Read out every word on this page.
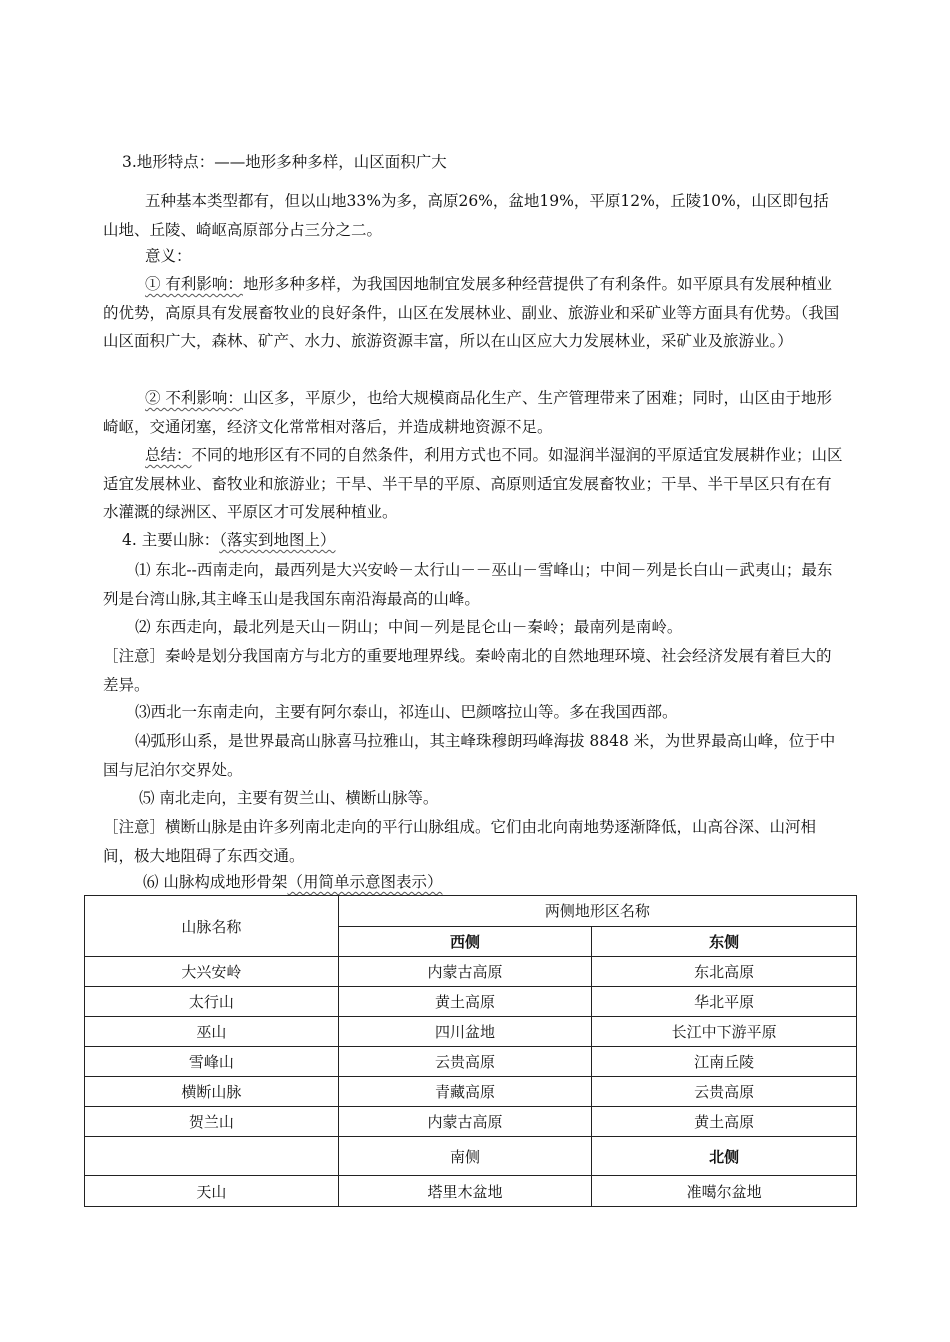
3.地形特点：——地形多种多样，山区面积广大

五种基本类型都有，但以山地33%为多，高原26%，盆地19%，平原12%，丘陵10%，山区即包括山地、丘陵、崎岖高原部分占三分之二。

意义：

① 有利影响：地形多种多样，为我国因地制宜发展多种经营提供了有利条件。如平原具有发展种植业的优势，高原具有发展畜牧业的良好条件，山区在发展林业、副业、旅游业和采矿业等方面具有优势。（我国山区面积广大，森林、矿产、水力、旅游资源丰富，所以在山区应大力发展林业，采矿业及旅游业。）

② 不利影响：山区多，平原少，也给大规模商品化生产、生产管理带来了困难；同时，山区由于地形崎岖，交通闭塞，经济文化常常相对落后，并造成耕地资源不足。

总结：不同的地形区有不同的自然条件，利用方式也不同。如湿润半湿润的平原适宜发展耕作业；山区适宜发展林业、畜牧业和旅游业；干旱、半干旱的平原、高原则适宜发展畜牧业；干旱、半干旱区只有在有水灌溉的绿洲区、平原区才可发展种植业。

4. 主要山脉：（落实到地图上）

⑴ 东北--西南走向，最西列是大兴安岭－太行山－－巫山－雪峰山；中间－列是长白山－武夷山；最东列是台湾山脉,其主峰玉山是我国东南沿海最高的山峰。

⑵ 东西走向，最北列是天山－阴山；中间－列是昆仑山－秦岭；最南列是南岭。

［注意］秦岭是划分我国南方与北方的重要地理界线。秦岭南北的自然地理环境、社会经济发展有着巨大的差异。

⑶西北一东南走向，主要有阿尔泰山，祁连山、巴颜喀拉山等。多在我国西部。

⑷弧形山系，是世界最高山脉喜马拉雅山，其主峰珠穆朗玛峰海拔 8848 米，为世界最高山峰，位于中国与尼泊尔交界处。

⑸ 南北走向，主要有贺兰山、横断山脉等。

［注意］横断山脉是由许多列南北走向的平行山脉组成。它们由北向南地势逐渐降低，山高谷深、山河相间，极大地阻碍了东西交通。

⑹ 山脉构成地形骨架（用简单示意图表示）

山脉名称	两侧地形区名称	
	西侧	东侧
大兴安岭	内蒙古高原	东北高原
太行山	黄土高原	华北平原
巫山	四川盆地	长江中下游平原
雪峰山	云贵高原	江南丘陵
横断山脉	青藏高原	云贵高原
贺兰山	内蒙古高原	黄土高原
	南侧	北侧
天山	塔里木盆地	准噶尔盆地
